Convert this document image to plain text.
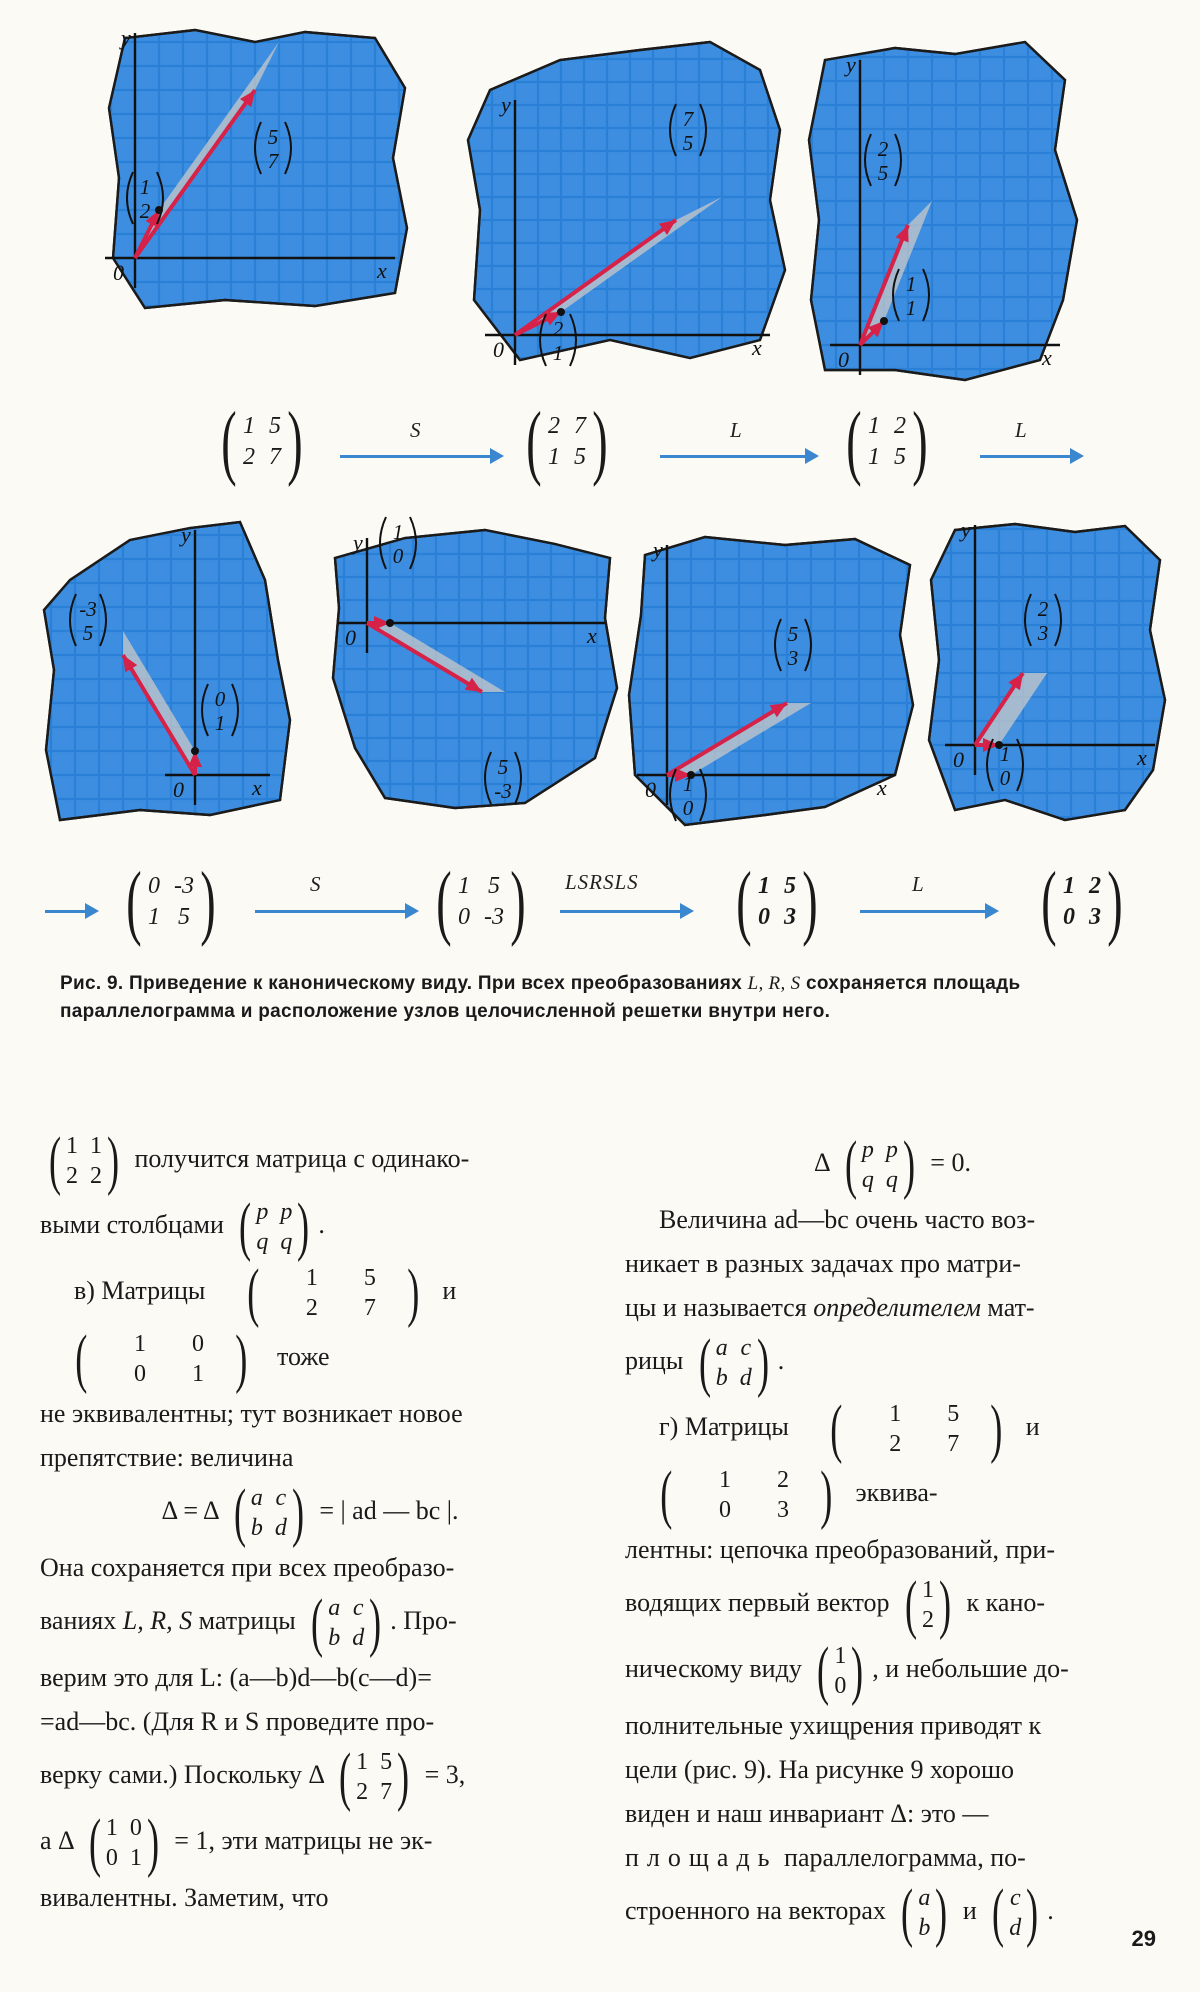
y
x
0
1
2
5
7
y
x
0
2
1
7
5
y
x
0
1
1
2
5
( 1 5
2 7 )	S ( 2 7
1 5 )	L ( 1 2
1 5 )	L
y
x
0
0
1
-3
5
y
x
0
1
0
5
-3
y
x
0 1
0
5
3
y
x
0 1
0
2
3
( 0 -3
1 5 )	S ( 1 5
0 -3 ) LSRSLS ( 1 5
0 3 )	L ( 1 2
0 3 )
Рис. 9. Приведение к каноническому виду. При всех преобразованиях L, R, S сохраняется площадь параллелограмма и расположение узлов целочисленной решетки внутри него.

( 1 1
2 2 ) получится матрица с одинако-

выми столбцами ( p p
q q ) .

в) Матрицы (	1	5
2	7 ) и
(	1	0
0	1 ) тоже

не эквивалентны; тут возникает новое

препятствие: величина

Δ = Δ ( a c
b d ) = | ad — bc |.

Она сохраняется при всех преобразо-

ваниях L, R, S матрицы ( a c
b d ) . Про-

верим это для L: (a—b)d—b(c—d)=

=ad—bc. (Для R и S проведите про-

верку сами.) Поскольку Δ ( 1 5
2 7 ) = 3,

а Δ ( 1 0
0 1 ) = 1, эти матрицы не эк-

вивалентны. Заметим, что

Δ ( p p
q q ) = 0.

Величина ad—bc очень часто воз-

никает в разных задачах про матри-

цы и называется определителем мат-

рицы ( a c
b d ) .

г) Матрицы (	1	5
2	7 ) и
(	1	2
0	3 ) эквива-

лентны: цепочка преобразований, при-

водящих первый вектор ( 1
2 ) к кано-

ническому виду ( 1
0 ) , и небольшие до-

полнительные ухищрения приводят к

цели (рис. 9). На рисунке 9 хорошо

виден и наш инвариант Δ: это —

площадь параллелограмма, по-

строенного на векторах ( a
b ) и ( c
d ) .

29
